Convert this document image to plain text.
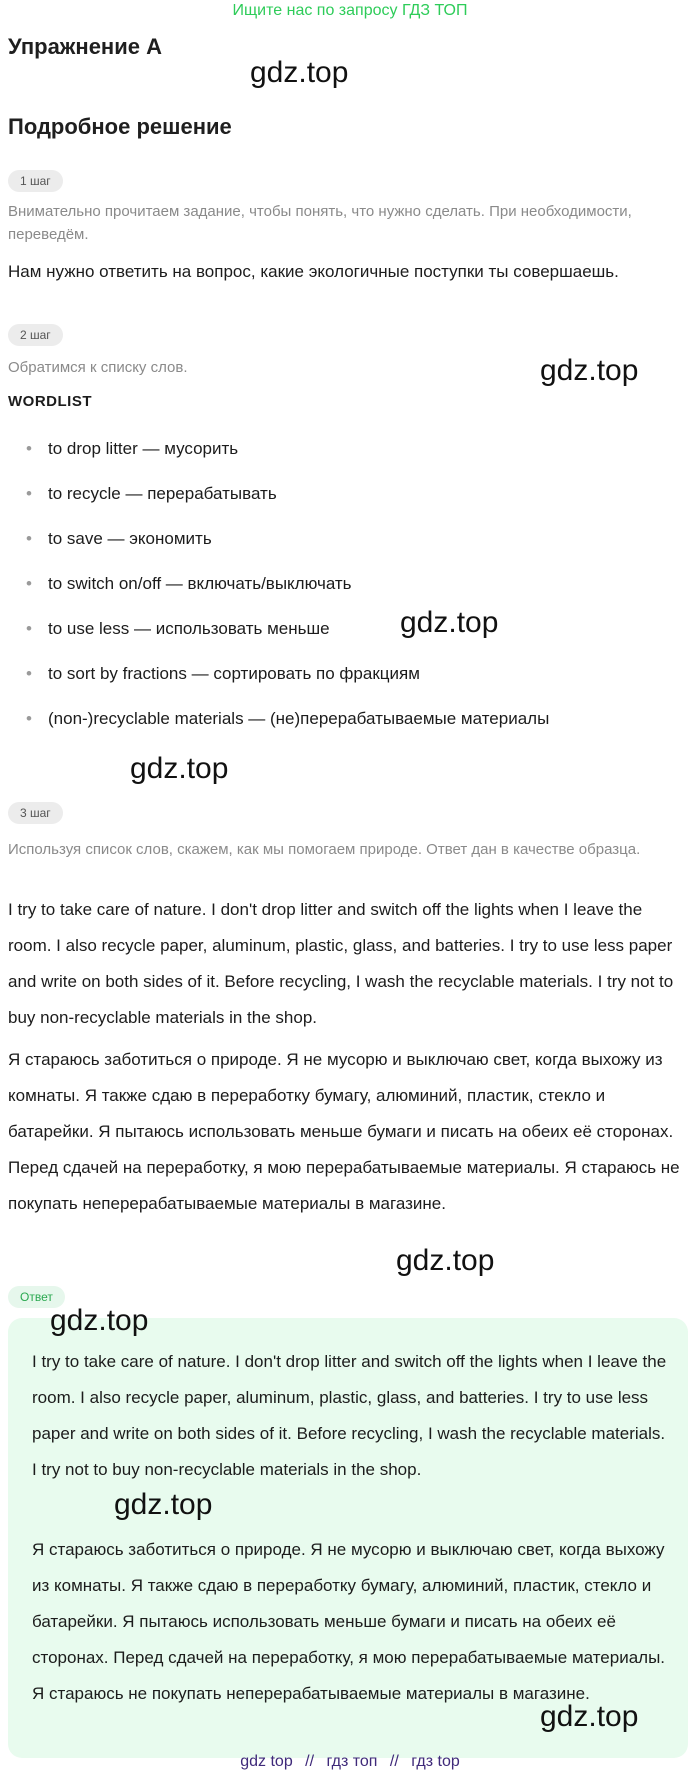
Ищите нас по запросу ГДЗ ТОП
Упражнение A
gdz.top
Подробное решение
1 шаг
Внимательно прочитаем задание, чтобы понять, что нужно сделать. При необходимости, переведём.
Нам нужно ответить на вопрос, какие экологичные поступки ты совершаешь.
2 шаг
Обратимся к списку слов.	gdz.top
WORDLIST
• to drop litter — мусорить
• to recycle — перерабатывать
• to save — экономить
• to switch on/off — включать/выключать
• to use less — использовать меньше
• to sort by fractions — сортировать по фракциям
• (non-)recyclable materials — (не)перерабатываемые материалы
gdz.top
gdz.top
3 шаг
Используя список слов, скажем, как мы помогаем природе. Ответ дан в качестве образца.
I try to take care of nature. I don't drop litter and switch off the lights when I leave the room. I also recycle paper, aluminum, plastic, glass, and batteries. I try to use less paper and write on both sides of it. Before recycling, I wash the recyclable materials. I try not to buy non-recyclable materials in the shop.
Я стараюсь заботиться о природе. Я не мусорю и выключаю свет, когда выхожу из комнаты. Я также сдаю в переработку бумагу, алюминий, пластик, стекло и батарейки. Я пытаюсь использовать меньше бумаги и писать на обеих её сторонах. Перед сдачей на переработку, я мою перерабатываемые материалы. Я стараюсь не покупать неперерабатываемые материалы в магазине.
gdz.top
Ответ
I try to take care of nature. I don't drop litter and switch off the lights when I leave the room. I also recycle paper, aluminum, plastic, glass, and batteries. I try to use less paper and write on both sides of it. Before recycling, I wash the recyclable materials. I try not to buy non-recyclable materials in the shop.
Я стараюсь заботиться о природе. Я не мусорю и выключаю свет, когда выхожу из комнаты. Я также сдаю в переработку бумагу, алюминий, пластик, стекло и батарейки. Я пытаюсь использовать меньше бумаги и писать на обеих её сторонах. Перед сдачей на переработку, я мою перерабатываемые материалы. Я стараюсь не покупать неперерабатываемые материалы в магазине.
gdz.top
gdz.top
gdz.top
gdz top // гдз топ // гдз top
